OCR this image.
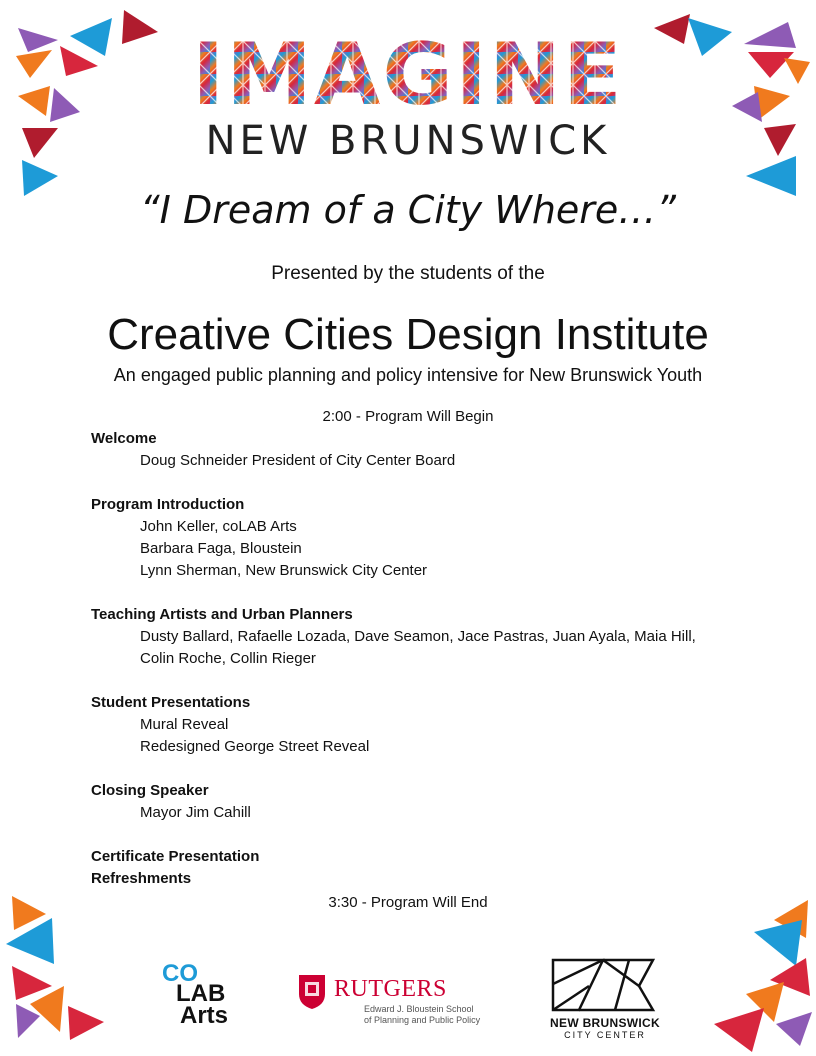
IMAGINE
NEW BRUNSWICK
“I Dream of a City Where…”
Presented by the students of the
Creative Cities Design Institute
An engaged public planning and policy intensive for New Brunswick Youth
2:00 - Program Will Begin
Welcome
Doug Schneider President of City Center Board
Program Introduction
John Keller, coLAB Arts
Barbara Faga, Bloustein
Lynn Sherman, New Brunswick City Center
Teaching Artists and Urban Planners
Dusty Ballard, Rafaelle Lozada, Dave Seamon, Jace Pastras, Juan Ayala, Maia Hill,
Colin Roche, Collin Rieger
Student Presentations
Mural Reveal
Redesigned George Street Reveal
Closing Speaker
Mayor Jim Cahill
Certificate Presentation
Refreshments
3:30 - Program Will End
CO
LAB
Arts
RUTGERS
Edward J. Bloustein School
of Planning and Public Policy	NEW BRUNSWICK
CITY CENTER
